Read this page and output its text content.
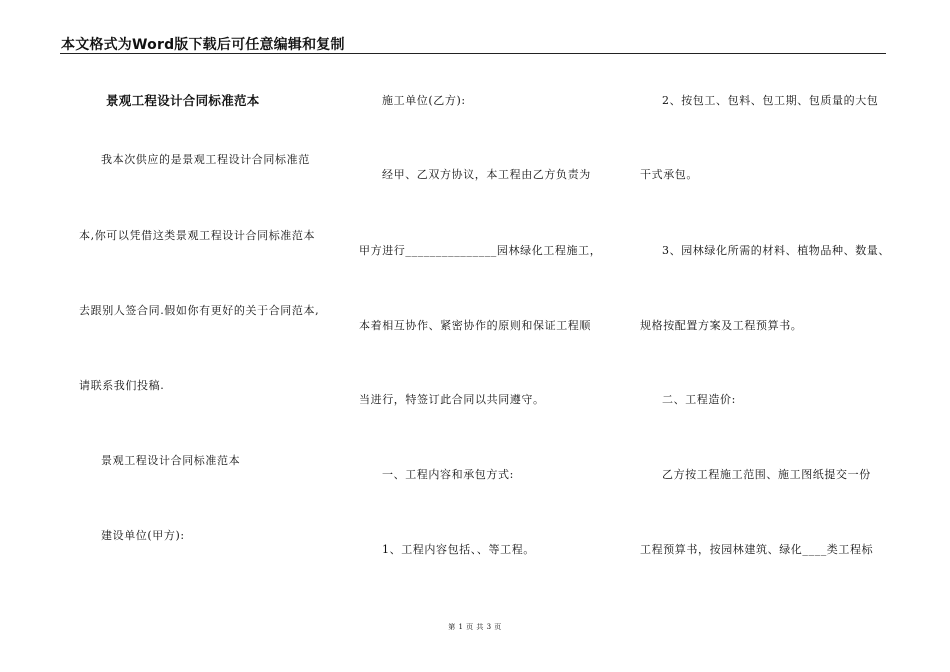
本文格式为Word版下载后可任意编辑和复制
景观工程设计合同标准范本
我本次供应的是景观工程设计合同标准范
本,你可以凭借这类景观工程设计合同标准范本
去跟别人签合同.假如你有更好的关于合同范本,
请联系我们投稿.
景观工程设计合同标准范本
建设单位(甲方):
施工单位(乙方):
经甲、乙双方协议，本工程由乙方负责为
甲方进行_______________园林绿化工程施工，
本着相互协作、紧密协作的原则和保证工程顺
当进行，特签订此合同以共同遵守。
一、工程内容和承包方式:
1、工程内容包括、、等工程。
2、按包工、包料、包工期、包质量的大包
干式承包。
3、园林绿化所需的材料、植物品种、数量、
规格按配置方案及工程预算书。
二、工程造价:
乙方按工程施工范围、施工图纸提交一份
工程预算书，按园林建筑、绿化____类工程标
第 1 页 共 3 页
